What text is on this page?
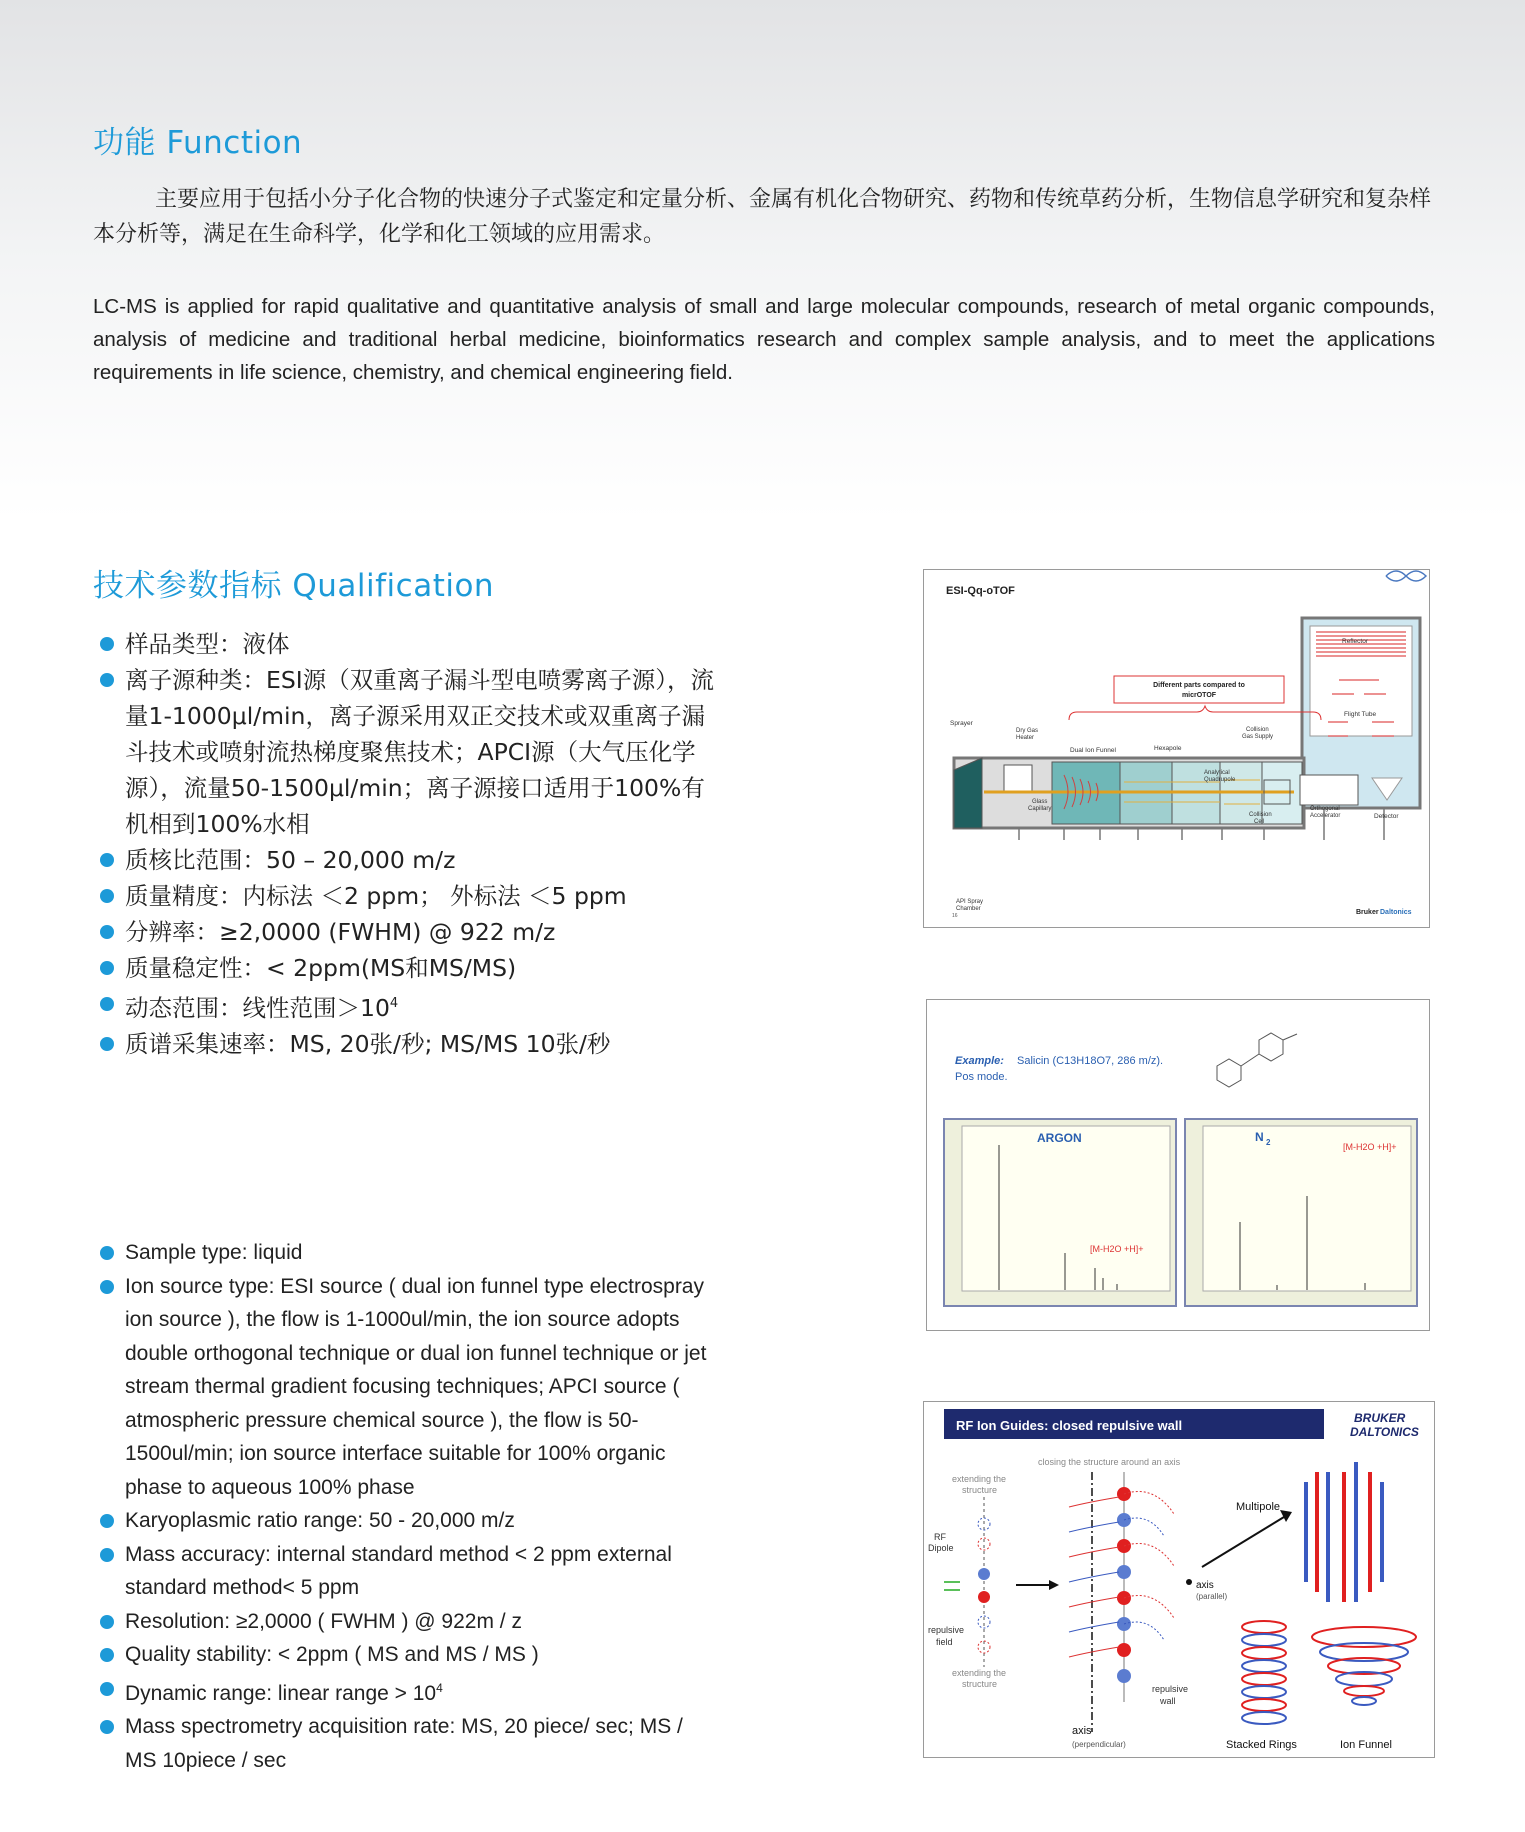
功能 Function

主要应用于包括小分子化合物的快速分子式鉴定和定量分析、金属有机化合物研究、药物和传统草药分析，生物信息学研究和复杂样本分析等，满足在生命科学，化学和化工领域的应用需求。

LC-MS is applied for rapid qualitative and quantitative analysis of small and large molecular compounds, research of metal organic compounds, analysis of medicine and traditional herbal medicine, bioinformatics research and complex sample analysis, and to meet the applications requirements in life science, chemistry, and chemical engineering field.

技术参数指标 Qualification
样品类型：液体
离子源种类：ESI源（双重离子漏斗型电喷雾离子源），流量1-1000μl/min，离子源采用双正交技术或双重离子漏斗技术或喷射流热梯度聚焦技术；APCI源（大气压化学源），流量50-1500μl/min；离子源接口适用于100%有机相到100%水相
质核比范围：50 – 20,000 m/z
质量精度：内标法 ＜2 ppm； 外标法 ＜5 ppm
分辨率：≥2,0000 (FWHM) @ 922 m/z
质量稳定性：< 2ppm(MS和MS/MS)
动态范围：线性范围$>10^4$
质谱采集速率：MS, 20张/秒; MS/MS 10张/秒
Sample type: liquid
Ion source type: ESI source ( dual ion funnel type electrospray ion source ), the flow is 1-1000ul/min, the ion source adopts double orthogonal technique or dual ion funnel technique or jet stream thermal gradient focusing techniques; APCI source ( atmospheric pressure chemical source ), the flow is 50-1500ul/min; ion source interface suitable for 100% organic phase to aqueous 100% phase
Karyoplasmic ratio range: 50 - 20,000 m/z
Mass accuracy: internal standard method < 2 ppm external standard method< 5 ppm
Resolution: ≥2,0000 ( FWHM ) @ 922m / z
Quality stability: < 2ppm ( MS and MS / MS )
Dynamic range: linear range > $10^4$
Mass spectrometry acquisition rate: MS, 20 piece/ sec; MS / MS 10piece / sec
ESI-Qq-oTOF
Reflector
Flight Tube
Different parts compared to
micrOTOF
Sprayer
Dry Gas
Heater
Dual Ion Funnel	Hexapole
Collision
Gas Supply
Analytical
Quadrupole
Glass
Capillary
Collision
Cell
Orthogonal
Accelerator	Detector
API Spray
Chamber
16	Bruker Daltonics
Example: Salicin (C13H18O7, 286 m/z).
Pos mode.
ARGON
[M-H2O +H]+
N 2	[M-H2O +H]+
RF Ion Guides: closed repulsive wall	BRUKER
DALTONICS
closing the structure around an axis
extending the
structure
RF
Dipole
repulsive
field
extending the
structure
axis
(parallel)
repulsive
wall
axis
(perpendicular)
Multipole
Stacked Rings	Ion Funnel
